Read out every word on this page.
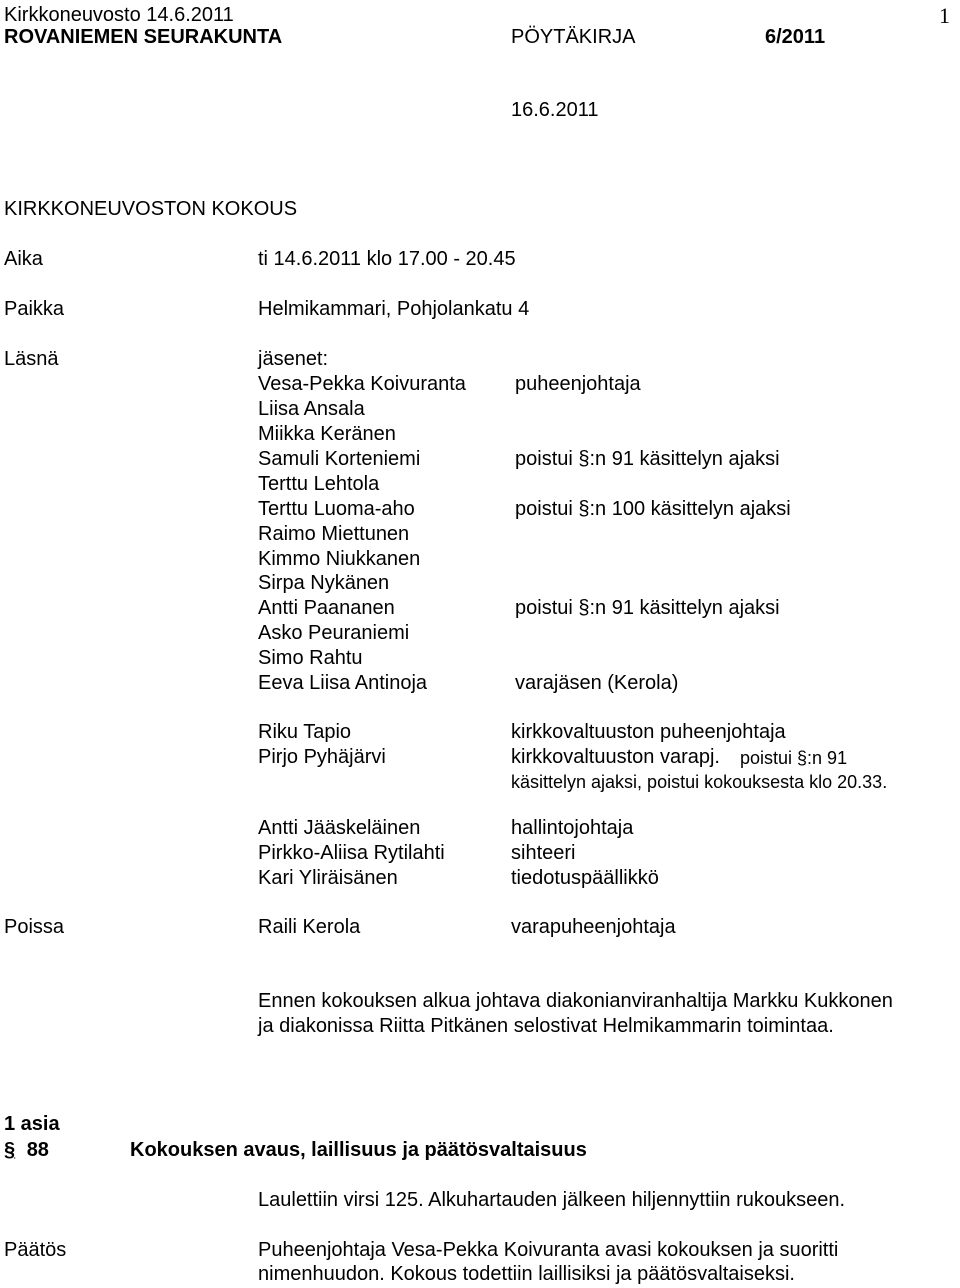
Kirkkoneuvosto 14.6.2011	1
ROVANIEMEN SEURAKUNTA	PÖYTÄKIRJA	6/2011
16.6.2011
KIRKKONEUVOSTON KOKOUS
Aika	ti 14.6.2011 klo 17.00 - 20.45
Paikka	Helmikammari, Pohjolankatu 4
Läsnä	jäsenet:
Vesa-Pekka Koivuranta puheenjohtaja
Liisa Ansala
Miikka Keränen
Samuli Korteniemi	poistui §:n 91 käsittelyn ajaksi
Terttu Lehtola
Terttu Luoma-aho	poistui §:n 100 käsittelyn ajaksi
Raimo Miettunen
Kimmo Niukkanen
Sirpa Nykänen
Antti Paananen	poistui §:n 91 käsittelyn ajaksi
Asko Peuraniemi
Simo Rahtu
Eeva Liisa Antinoja	varajäsen (Kerola)
Riku Tapio	kirkkovaltuuston puheenjohtaja
Pirjo Pyhäjärvi	kirkkovaltuuston varapj. poistui §:n 91
käsittelyn ajaksi, poistui kokouksesta klo 20.33.
Antti Jääskeläinen	hallintojohtaja
Pirkko-Aliisa Rytilahti	sihteeri
Kari Yliräisänen	tiedotuspäällikkö
Poissa	Raili Kerola	varapuheenjohtaja
Ennen kokouksen alkua johtava diakonianviranhaltija Markku Kukkonen
ja diakonissa Riitta Pitkänen selostivat Helmikammarin toimintaa.
1 asia
§ 88	Kokouksen avaus, laillisuus ja päätösvaltaisuus
Laulettiin virsi 125. Alkuhartauden jälkeen hiljennyttiin rukoukseen.
Päätös	Puheenjohtaja Vesa-Pekka Koivuranta avasi kokouksen ja suoritti
nimenhuudon. Kokous todettiin laillisiksi ja päätösvaltaiseksi.
